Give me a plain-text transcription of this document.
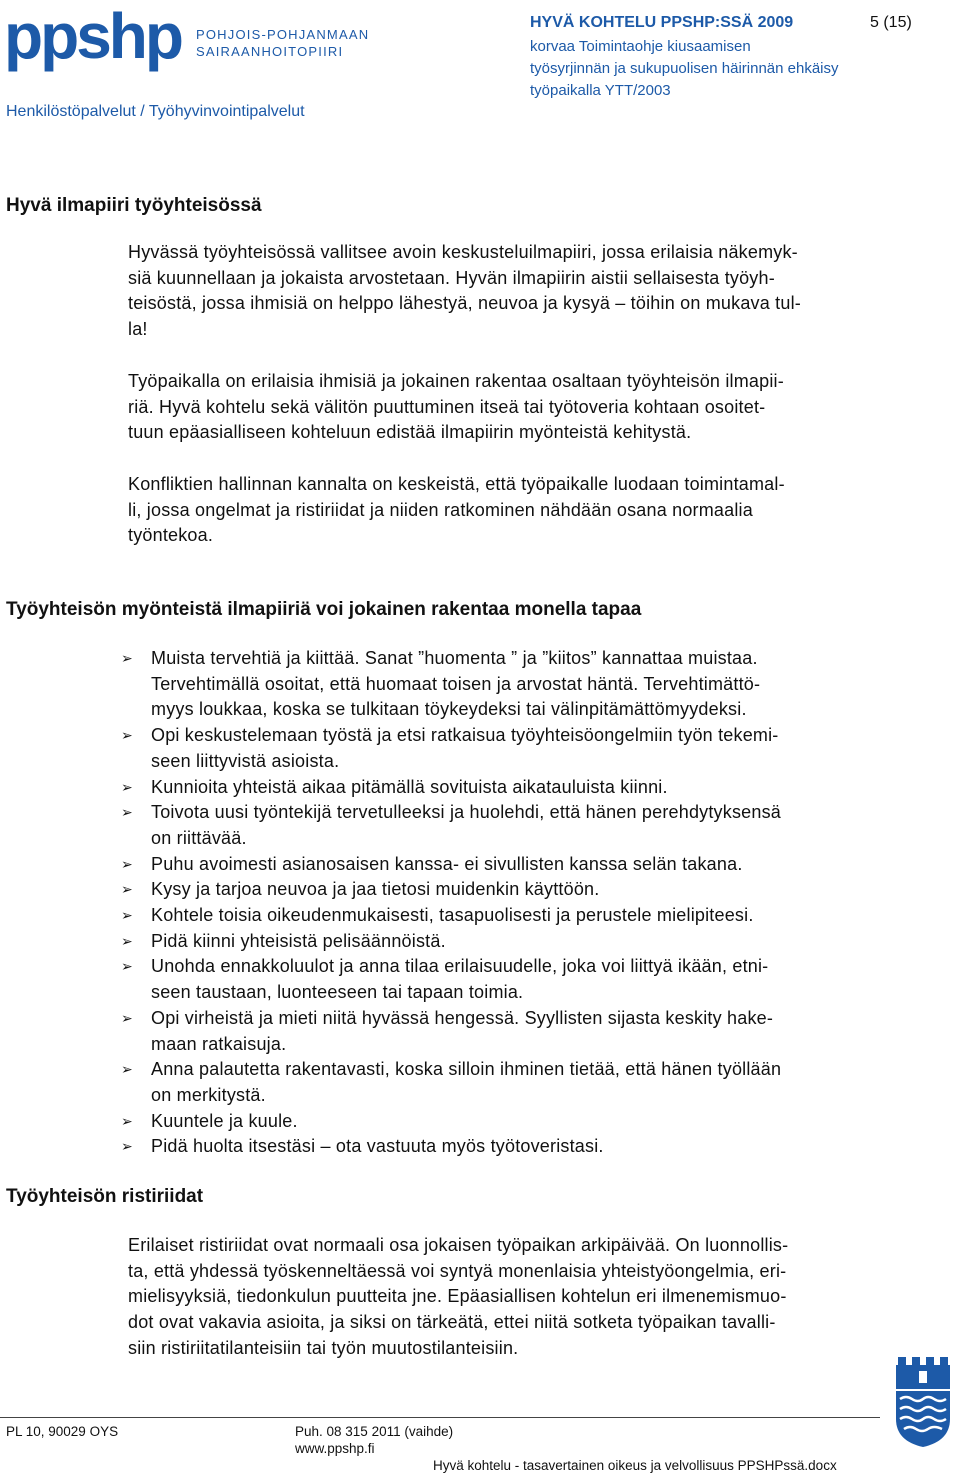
ppshp POHJOIS-POHJANMAAN
SAIRAANHOITOPIIRI
HYVÄ KOHTELU PPSHP:SSÄ 2009	5 (15)
korvaa Toimintaohje kiusaamisen
työsyrjinnän ja sukupuolisen häirinnän ehkäisy
työpaikalla YTT/2003
Henkilöstöpalvelut / Työhyvinvointipalvelut
Hyvä ilmapiiri työyhteisössä
Hyvässä työyhteisössä vallitsee avoin keskusteluilmapiiri, jossa erilaisia näkemyk-
siä kuunnellaan ja jokaista arvostetaan. Hyvän ilmapiirin aistii sellaisesta työyh-
teisöstä, jossa ihmisiä on helppo lähestyä, neuvoa ja kysyä – töihin on mukava tul-
la!
Työpaikalla on erilaisia ihmisiä ja jokainen rakentaa osaltaan työyhteisön ilmapii-
riä. Hyvä kohtelu sekä välitön puuttuminen itseä tai työtoveria kohtaan osoitet-
tuun epäasialliseen kohteluun edistää ilmapiirin myönteistä kehitystä.
Konfliktien hallinnan kannalta on keskeistä, että työpaikalle luodaan toimintamal-
li, jossa ongelmat ja ristiriidat ja niiden ratkominen nähdään osana normaalia
työntekoa.
Työyhteisön myönteistä ilmapiiriä voi jokainen rakentaa monella tapaa
➢ Muista tervehtiä ja kiittää. Sanat ”huomenta ” ja ”kiitos” kannattaa muistaa.
Tervehtimällä osoitat, että huomaat toisen ja arvostat häntä. Tervehtimättö-
myys loukkaa, koska se tulkitaan töykeydeksi tai välinpitämättömyydeksi.
➢ Opi keskustelemaan työstä ja etsi ratkaisua työyhteisöongelmiin työn tekemi-
seen liittyvistä asioista.
➢ Kunnioita yhteistä aikaa pitämällä sovituista aikatauluista kiinni.
➢ Toivota uusi työntekijä tervetulleeksi ja huolehdi, että hänen perehdytyksensä
on riittävää.
➢ Puhu avoimesti asianosaisen kanssa- ei sivullisten kanssa selän takana.
➢ Kysy ja tarjoa neuvoa ja jaa tietosi muidenkin käyttöön.
➢ Kohtele toisia oikeudenmukaisesti, tasapuolisesti ja perustele mielipiteesi.
➢ Pidä kiinni yhteisistä pelisäännöistä.
➢ Unohda ennakkoluulot ja anna tilaa erilaisuudelle, joka voi liittyä ikään, etni-
seen taustaan, luonteeseen tai tapaan toimia.
➢ Opi virheistä ja mieti niitä hyvässä hengessä. Syyllisten sijasta keskity hake-
maan ratkaisuja.
➢ Anna palautetta rakentavasti, koska silloin ihminen tietää, että hänen työllään
on merkitystä.
➢ Kuuntele ja kuule.
➢ Pidä huolta itsestäsi – ota vastuuta myös työtoveristasi.
Työyhteisön ristiriidat
Erilaiset ristiriidat ovat normaali osa jokaisen työpaikan arkipäivää. On luonnollis-
ta, että yhdessä työskenneltäessä voi syntyä monenlaisia yhteistyöongelmia, eri-
mielisyyksiä, tiedonkulun puutteita jne. Epäasiallisen kohtelun eri ilmenemismuo-
dot ovat vakavia asioita, ja siksi on tärkeätä, ettei niitä sotketa työpaikan tavalli-
siin ristiriitatilanteisiin tai työn muutostilanteisiin.
PL 10, 90029 OYS	Puh. 08 315 2011 (vaihde)
www.ppshp.fi
Hyvä kohtelu - tasavertainen oikeus ja velvollisuus PPSHPssä.docx
